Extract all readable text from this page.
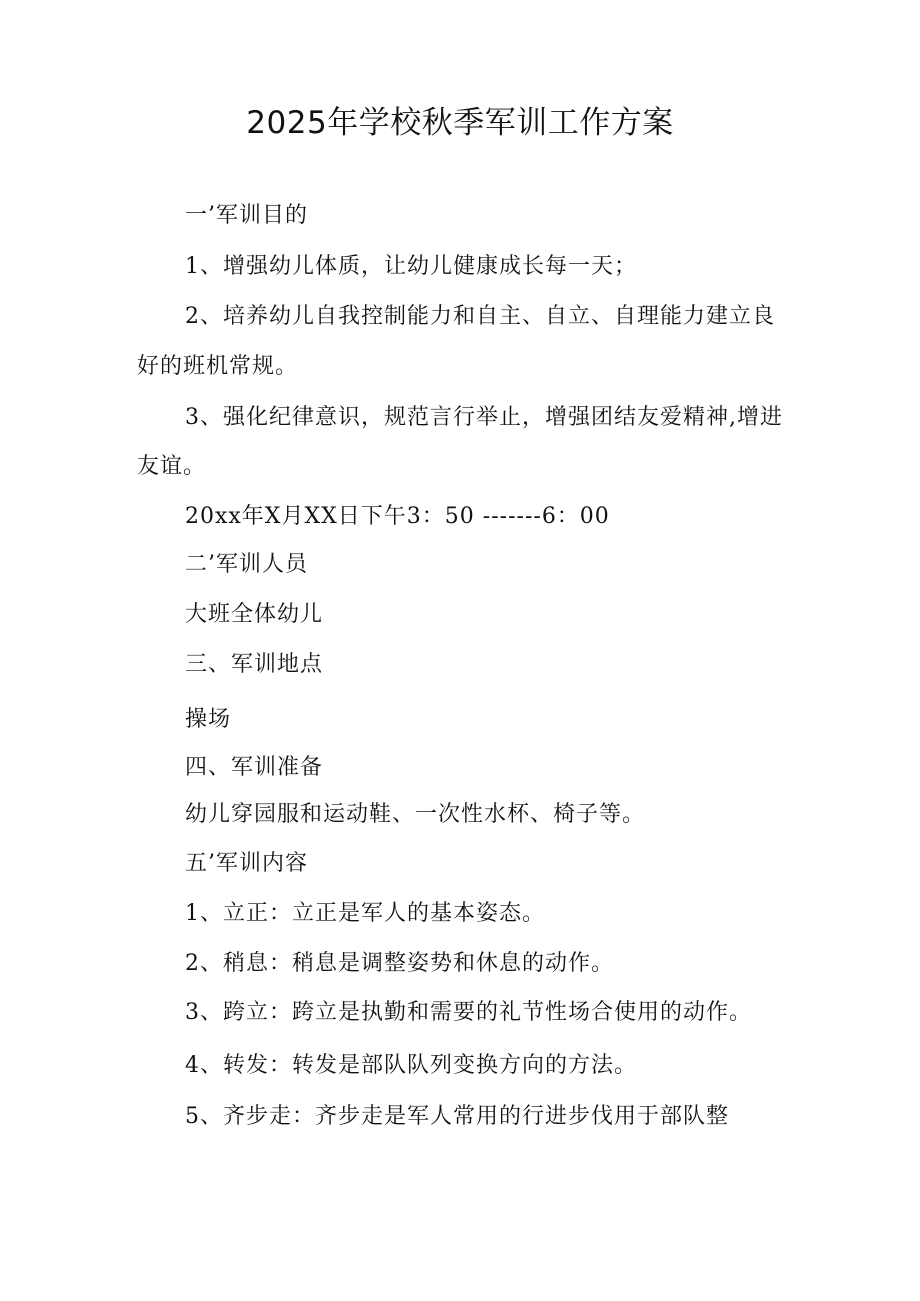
2025年学校秋季军训工作方案
一’军训目的
1、增强幼儿体质，让幼儿健康成长每一天；
2、培养幼儿自我控制能力和自主、自立、自理能力建立良
好的班机常规。
3、强化纪律意识，规范言行举止，增强团结友爱精神,增进
友谊。
20xx年X月XX日下午3：50 -------6：00
二’军训人员
大班全体幼儿
三、军训地点
操场
四、军训准备
幼儿穿园服和运动鞋、一次性水杯、椅子等。
五’军训内容
1、立正：立正是军人的基本姿态。
2、稍息：稍息是调整姿势和休息的动作。
3、跨立：跨立是执勤和需要的礼节性场合使用的动作。
4、转发：转发是部队队列变换方向的方法。
5、齐步走：齐步走是军人常用的行进步伐用于部队整
